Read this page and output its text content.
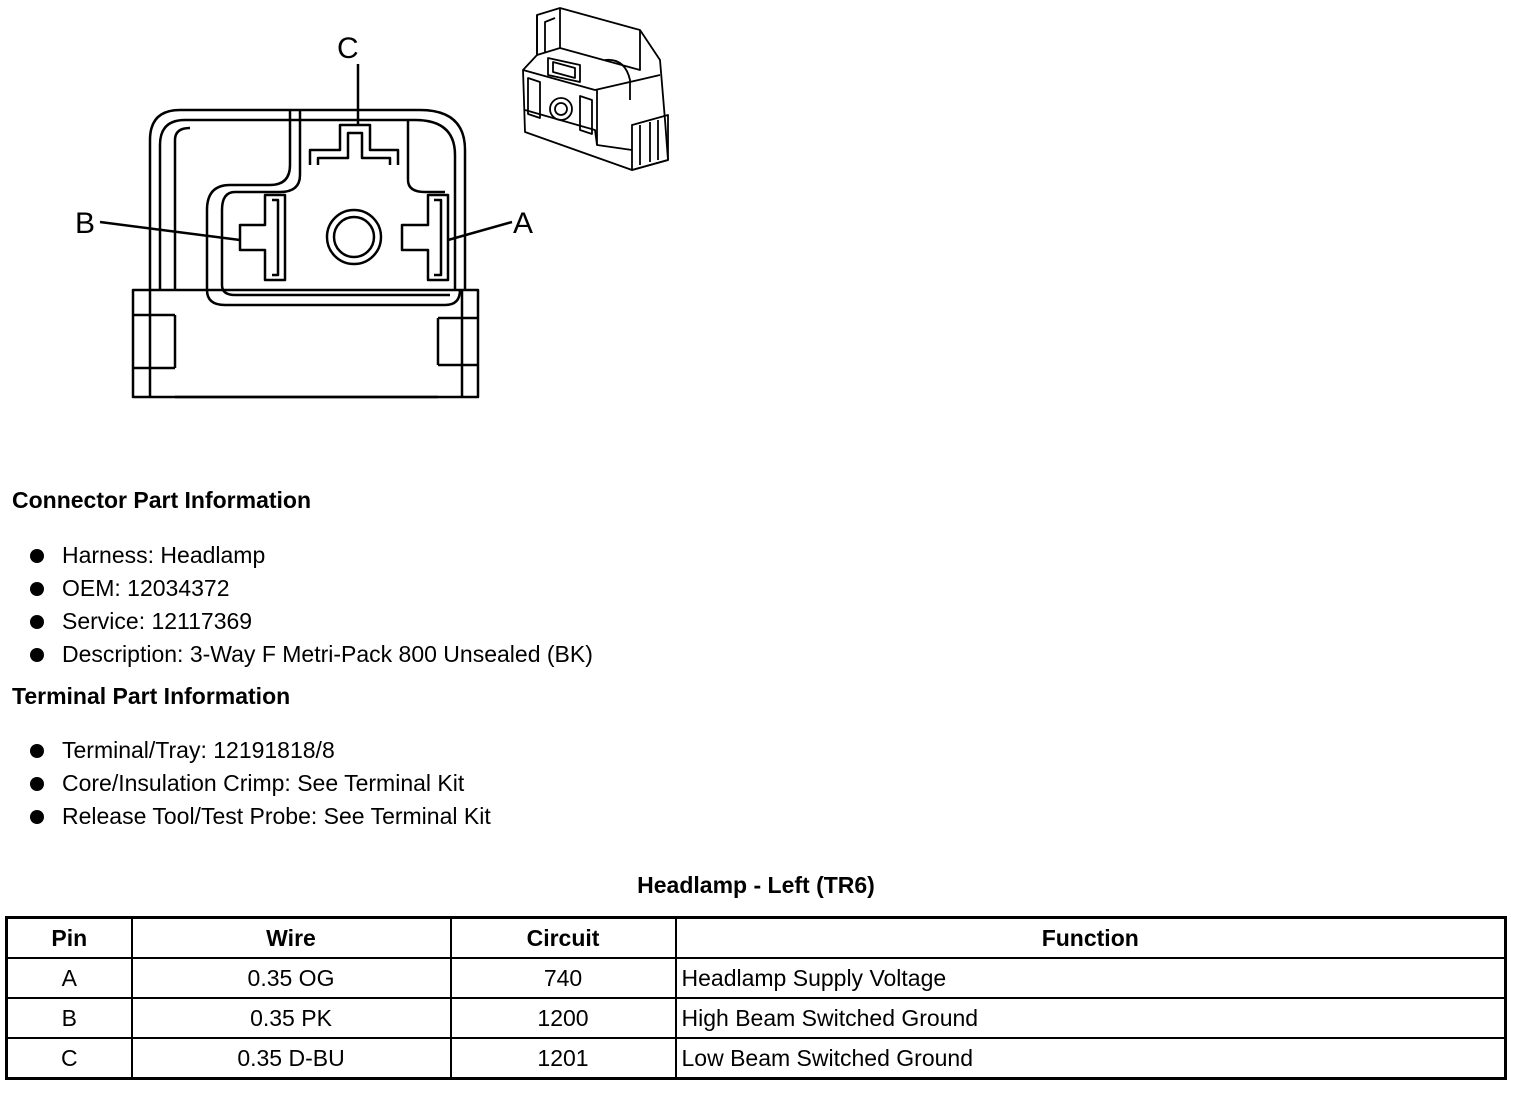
C
B	A
Connector Part Information
Harness: Headlamp
OEM: 12034372
Service: 12117369
Description: 3-Way F Metri-Pack 800 Unsealed (BK)
Terminal Part Information
Terminal/Tray: 12191818/8
Core/Insulation Crimp: See Terminal Kit
Release Tool/Test Probe: See Terminal Kit
Headlamp - Left (TR6)
Pin	Wire	Circuit	Function
A	0.35 OG	740	Headlamp Supply Voltage
B	0.35 PK	1200	High Beam Switched Ground
C	0.35 D-BU	1201	Low Beam Switched Ground
